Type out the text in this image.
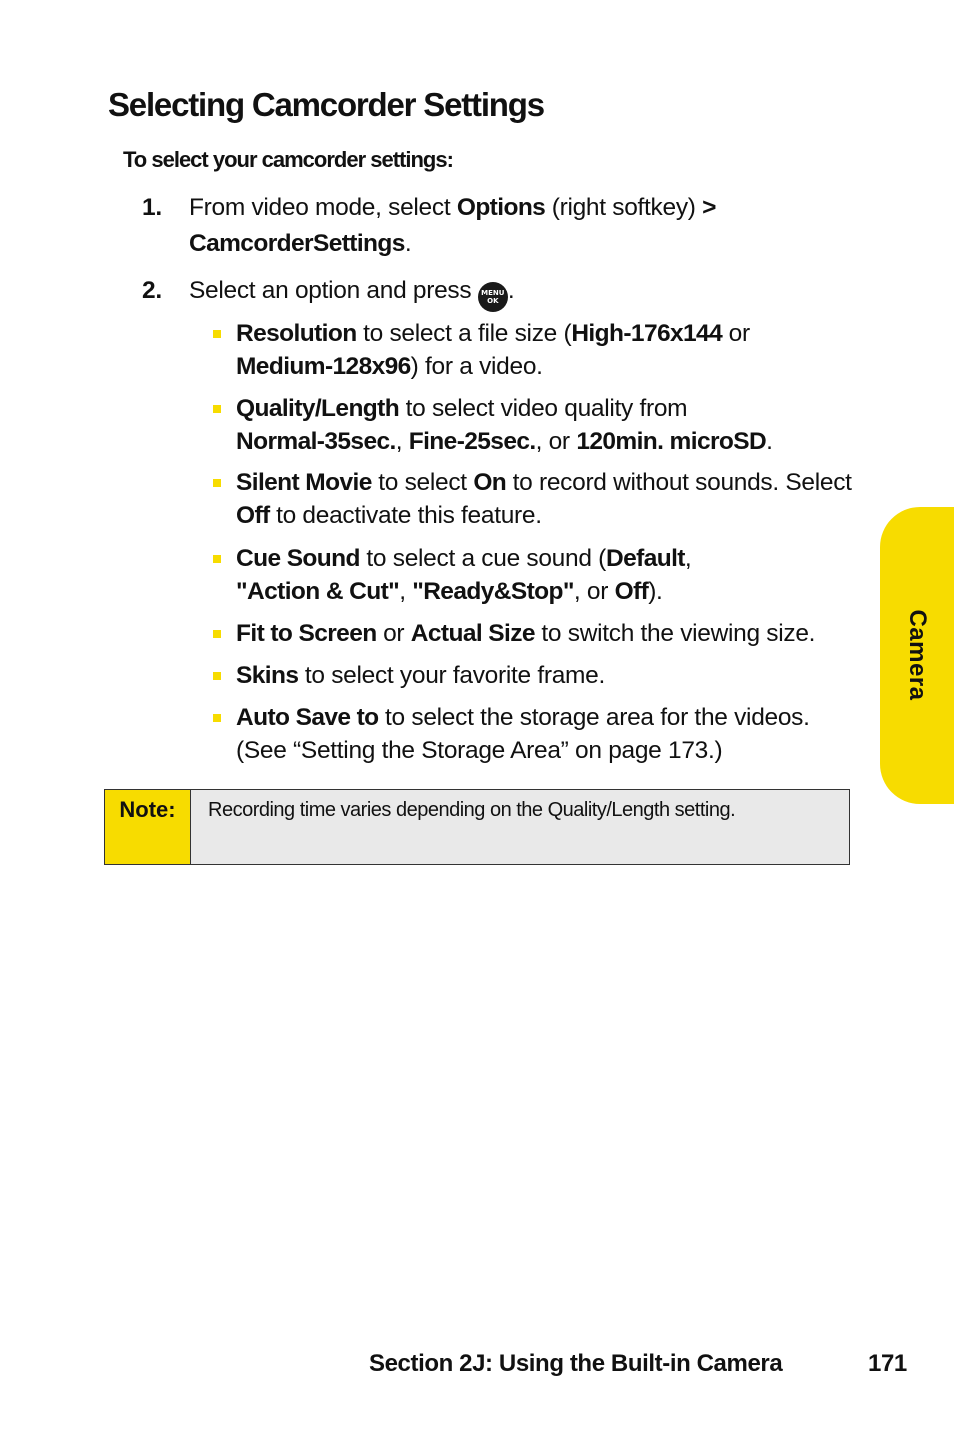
Selecting Camcorder Settings

To select your camcorder settings:

1. From video mode, select Options (right softkey) >
CamcorderSettings.
2. Select an option and press MENU
OK .
Resolution to select a file size (High-176x144 or
Medium-128x96) for a video.
Quality/Length to select video quality from
Normal-35sec., Fine-25sec., or 120min. microSD.
Silent Movie to select On to record without sounds. Select Off to deactivate this feature.
Cue Sound to select a cue sound (Default,
"Action & Cut", "Ready&Stop", or Off).
Fit to Screen or Actual Size to switch the viewing size.
Skins to select your favorite frame.
Auto Save to to select the storage area for the videos. (See “Setting the Storage Area” on page 173.)
Note:	Recording time varies depending on the Quality/Length setting.
Camera
Section 2J: Using the Built-in Camera	171
